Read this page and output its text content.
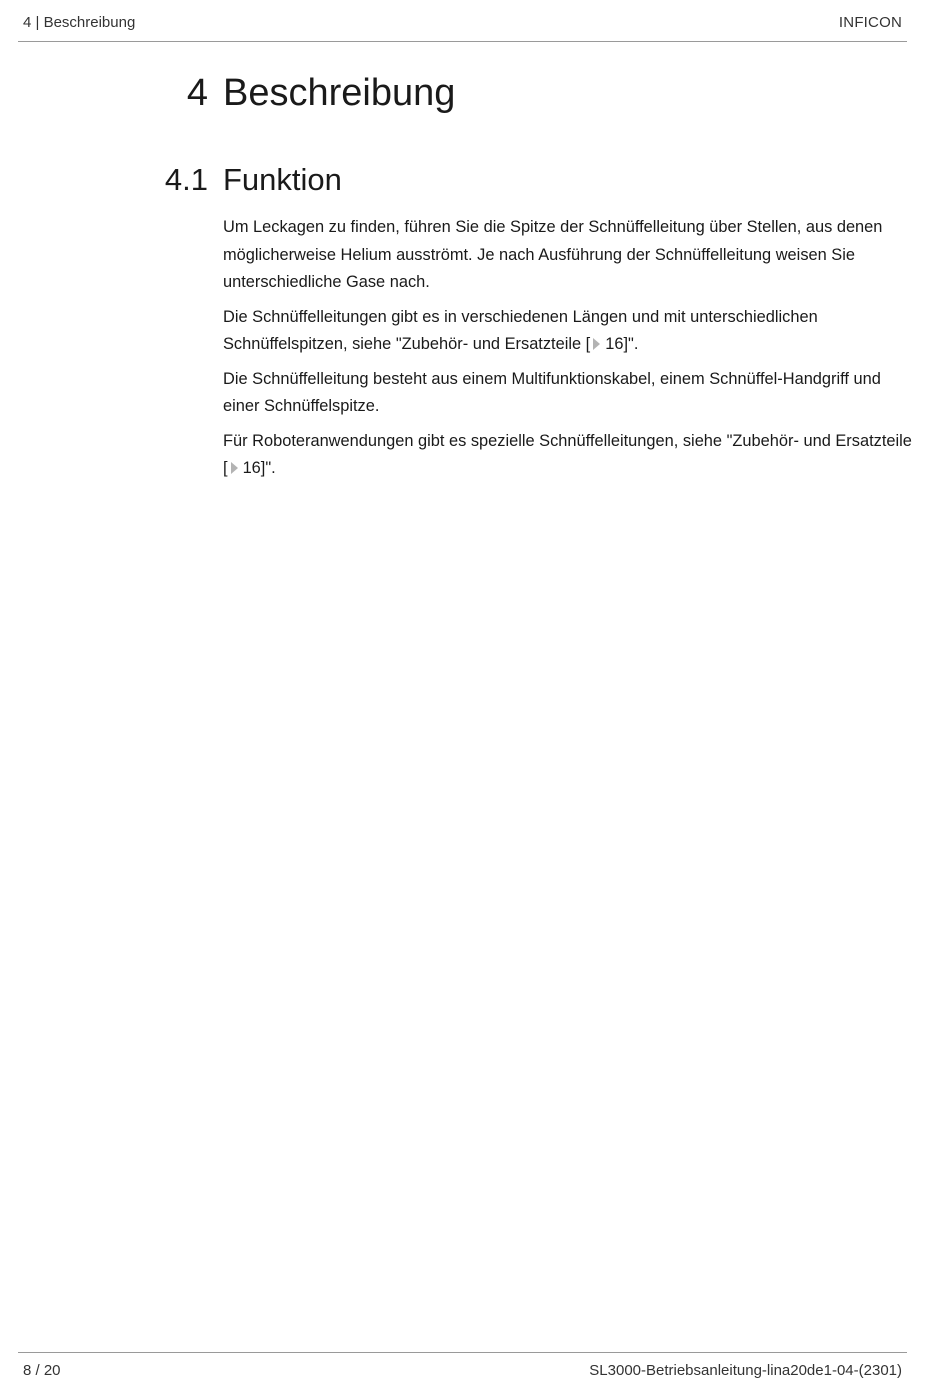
4 | Beschreibung	INFICON
4 Beschreibung
4.1 Funktion

Um Leckagen zu finden, führen Sie die Spitze der Schnüffelleitung über Stellen, aus denen möglicherweise Helium ausströmt. Je nach Ausführung der Schnüffelleitung weisen Sie unterschiedliche Gase nach.

Die Schnüffelleitungen gibt es in verschiedenen Längen und mit unterschiedlichen Schnüffelspitzen, siehe "Zubehör- und Ersatzteile [ 16]".

Die Schnüffelleitung besteht aus einem Multifunktionskabel, einem Schnüffel-Handgriff und einer Schnüffelspitze.

Für Roboteranwendungen gibt es spezielle Schnüffelleitungen, siehe "Zubehör- und Ersatzteile [ 16]".

8 / 20	SL3000-Betriebsanleitung-lina20de1-04-(2301)
